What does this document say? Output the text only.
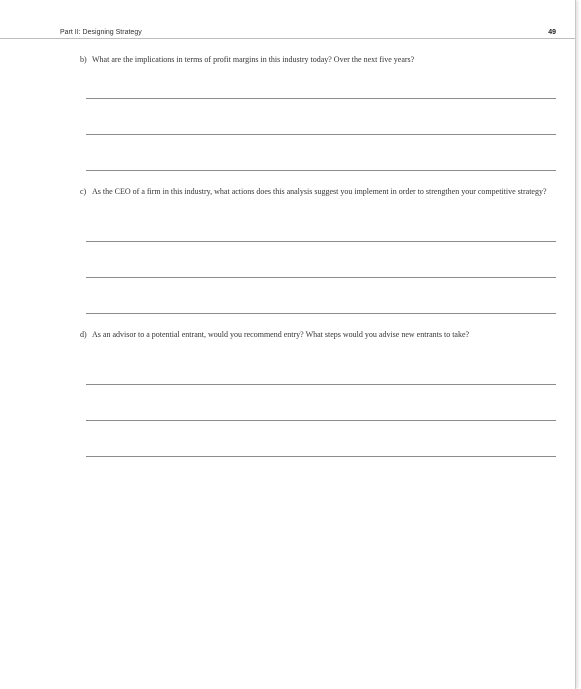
Part II: Designing Strategy	49
b) What are the implications in terms of profit margins in this industry today? Over the next five years?
c) As the CEO of a firm in this industry, what actions does this analysis suggest you implement in order to strengthen your competitive strategy?
d) As an advisor to a potential entrant, would you recommend entry? What steps would you advise new entrants to take?
